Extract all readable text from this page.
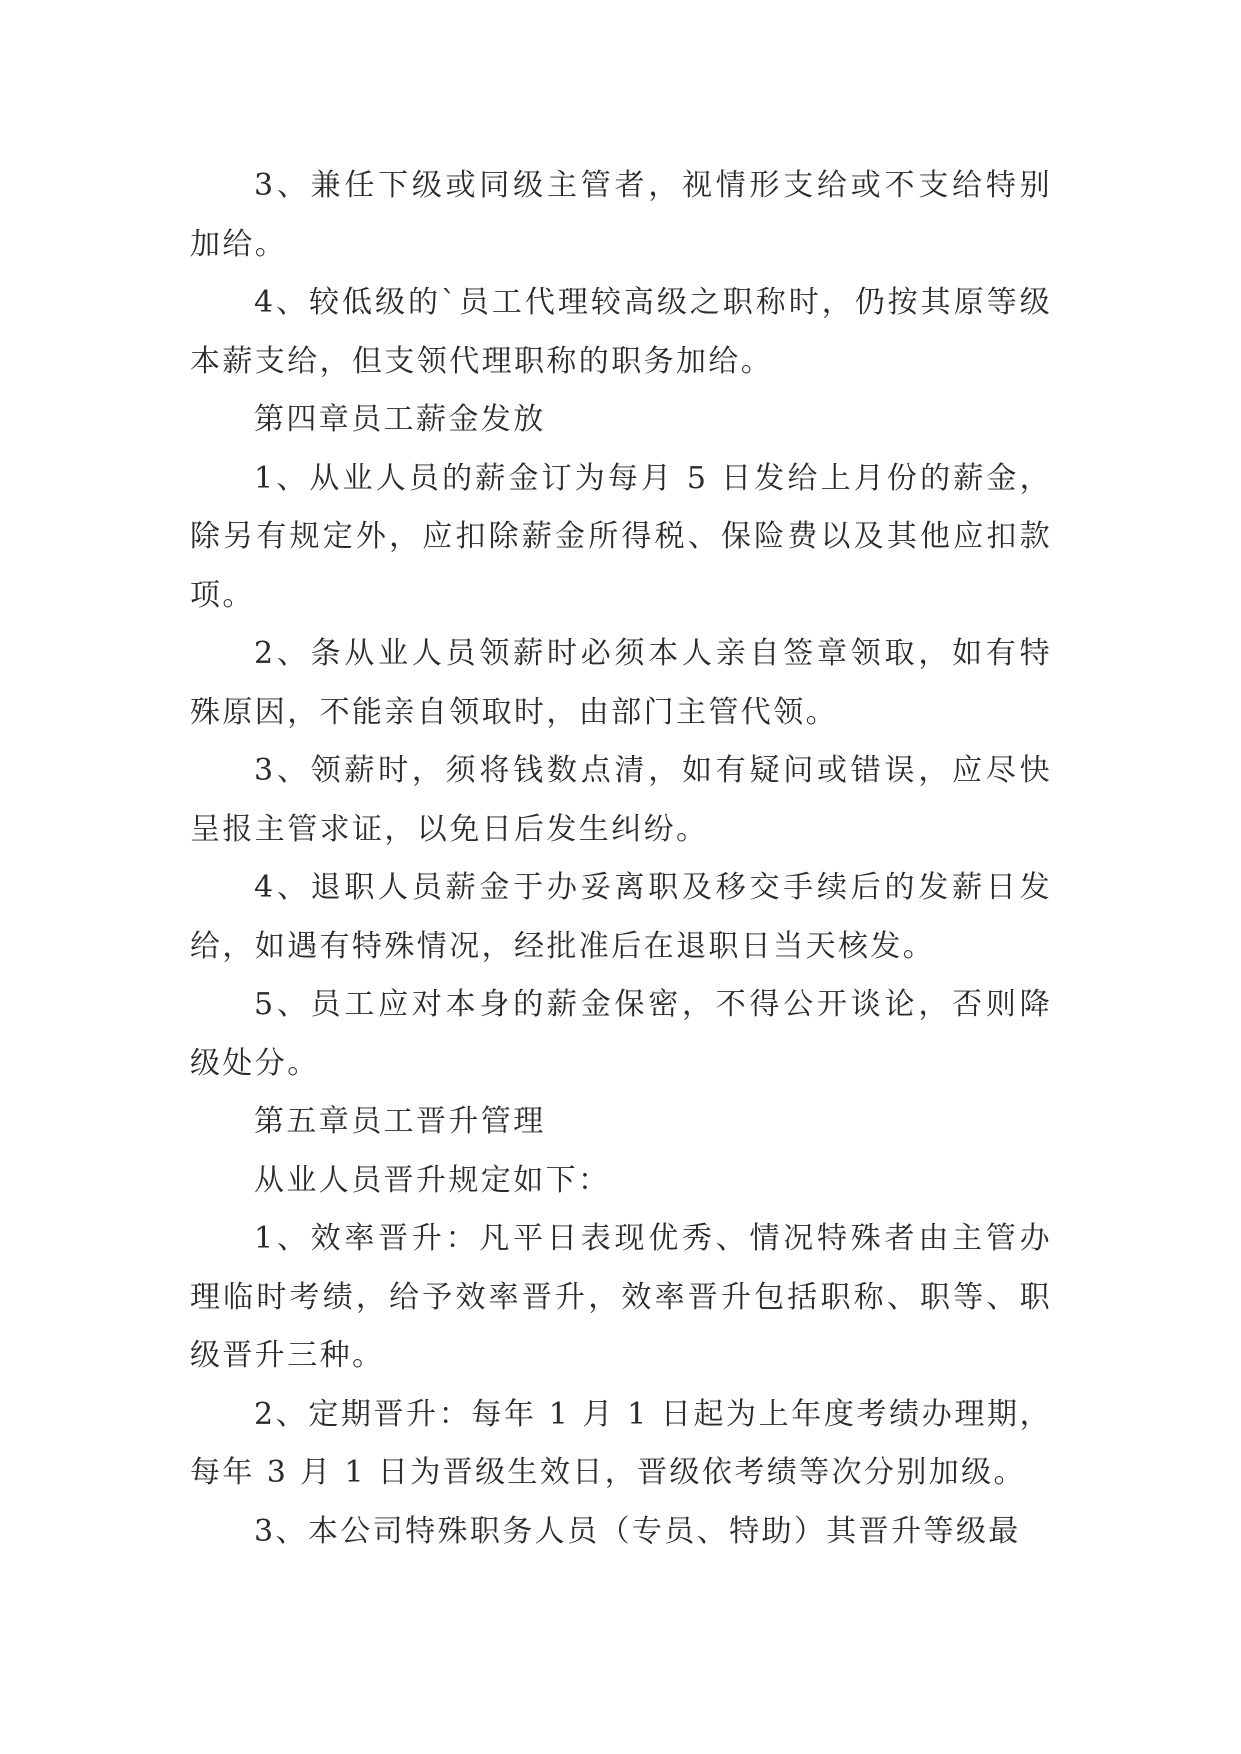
3、兼任下级或同级主管者，视情形支给或不支给特别加给。

4、较低级的`员工代理较高级之职称时，仍按其原等级本薪支给，但支领代理职称的职务加给。

第四章员工薪金发放

1、从业人员的薪金订为每月 5 日发给上月份的薪金，除另有规定外，应扣除薪金所得税、保险费以及其他应扣款项。

2、条从业人员领薪时必须本人亲自签章领取，如有特殊原因，不能亲自领取时，由部门主管代领。

3、领薪时，须将钱数点清，如有疑问或错误，应尽快呈报主管求证，以免日后发生纠纷。

4、退职人员薪金于办妥离职及移交手续后的发薪日发给，如遇有特殊情况，经批准后在退职日当天核发。

5、员工应对本身的薪金保密，不得公开谈论，否则降级处分。

第五章员工晋升管理

从业人员晋升规定如下：

1、效率晋升：凡平日表现优秀、情况特殊者由主管办理临时考绩，给予效率晋升，效率晋升包括职称、职等、职级晋升三种。

2、定期晋升：每年 1 月 1 日起为上年度考绩办理期，每年 3 月 1 日为晋级生效日，晋级依考绩等次分别加级。

3、本公司特殊职务人员（专员、特助）其晋升等级最
